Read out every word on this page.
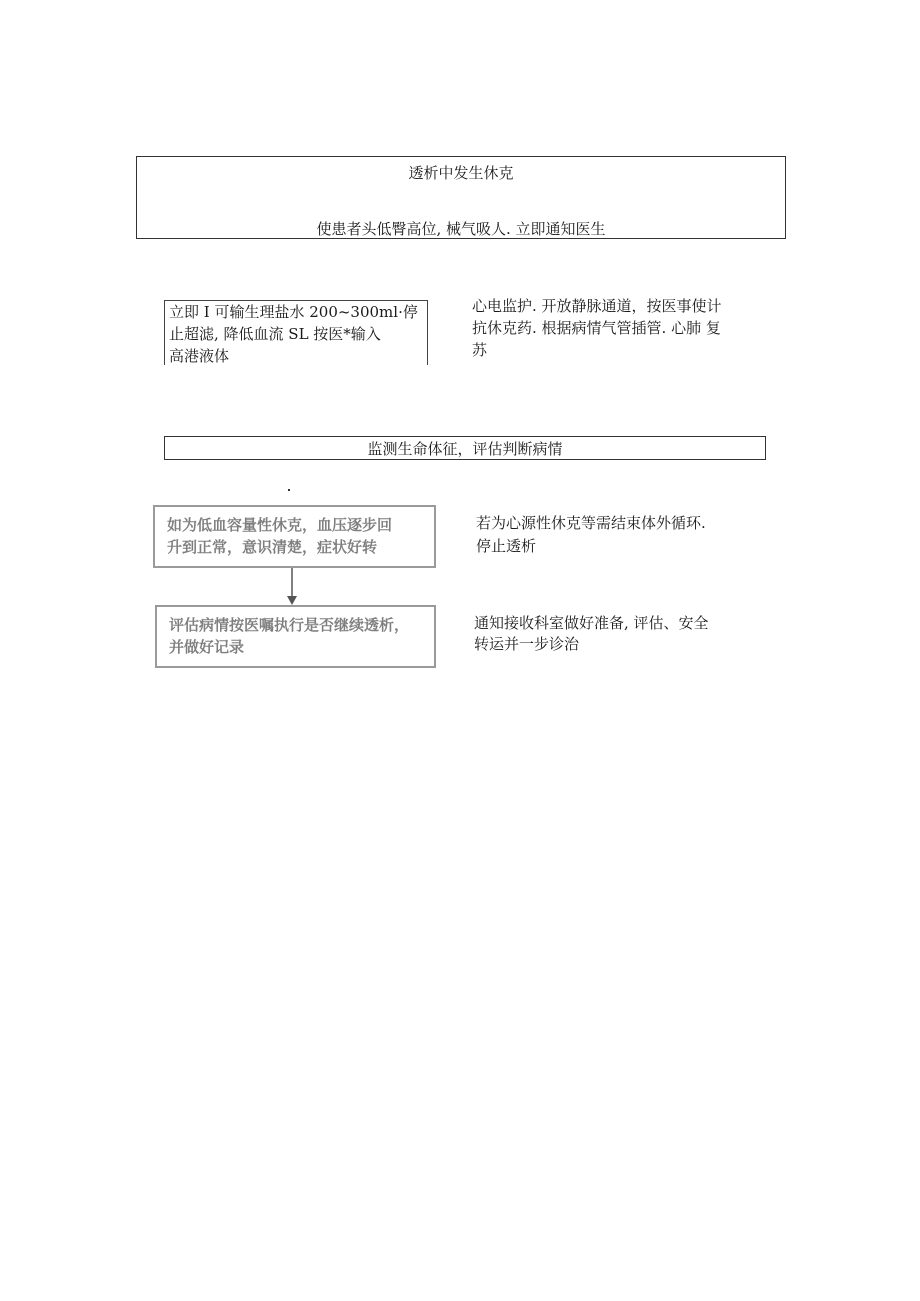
透析中发生休克
使患者头低臀高位, 械气吸人. 立即通知医生
立即 I 可输生理盐水 200~300ml·停
止超滤, 降低血流 SL 按医*输入
高港液体
心电监护. 开放静脉通道，按医事使计
抗休克药. 根据病情气管插管. 心肺 复
苏
监测生命体征，评估判断病情
如为低血容量性休克，血压逐步回
升到正常，意识清楚，症状好转
评估病情按医嘱执行是否继续透析，
并做好记录
若为心源性休克等需结束体外循环.
停止透析
通知接收科室做好准备, 评估、安全
转运并一步诊治
